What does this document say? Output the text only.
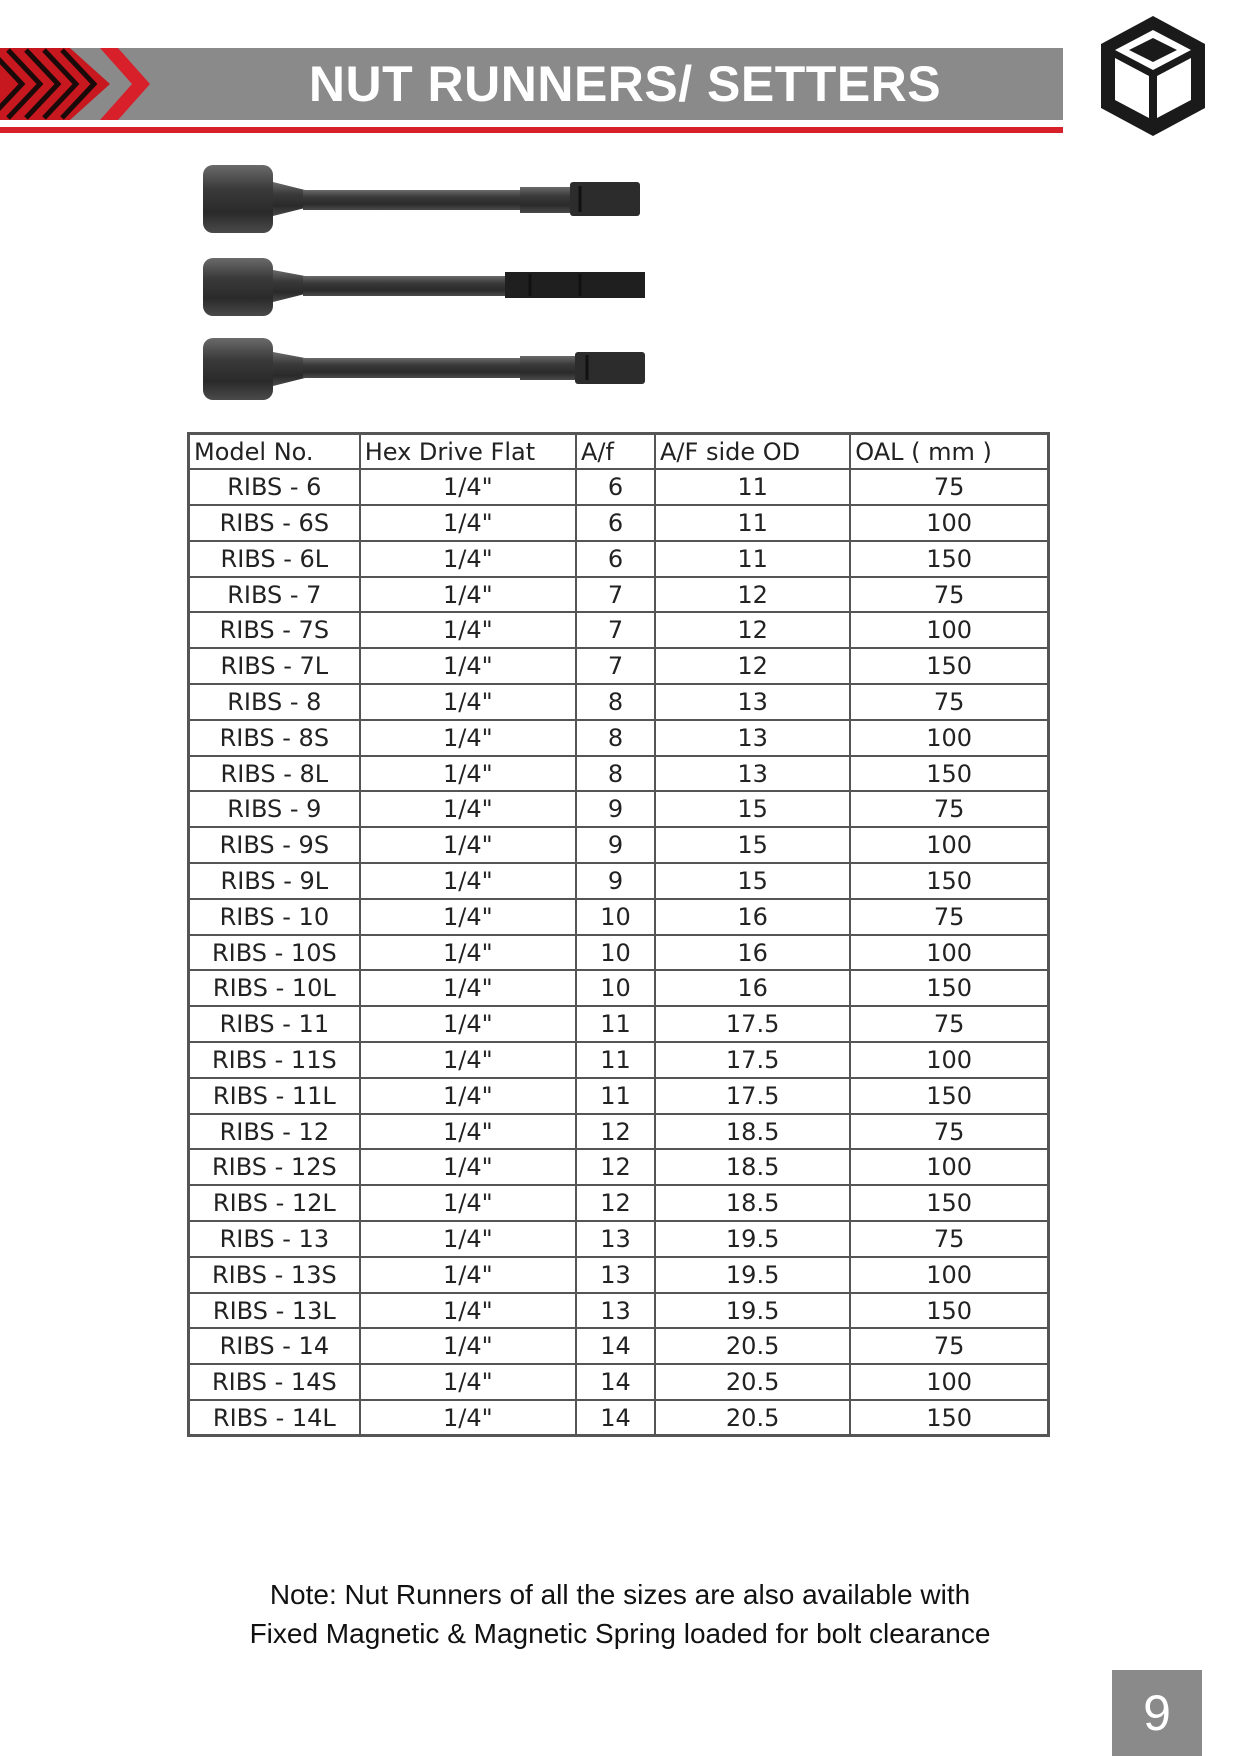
NUT RUNNERS/ SETTERS
Model No.	Hex Drive Flat	A/f	A/F side OD	OAL ( mm )
RIBS - 6	1/4"	6	11	75
RIBS - 6S	1/4"	6	11	100
RIBS - 6L	1/4"	6	11	150
RIBS - 7	1/4"	7	12	75
RIBS - 7S	1/4"	7	12	100
RIBS - 7L	1/4"	7	12	150
RIBS - 8	1/4"	8	13	75
RIBS - 8S	1/4"	8	13	100
RIBS - 8L	1/4"	8	13	150
RIBS - 9	1/4"	9	15	75
RIBS - 9S	1/4"	9	15	100
RIBS - 9L	1/4"	9	15	150
RIBS - 10	1/4"	10	16	75
RIBS - 10S	1/4"	10	16	100
RIBS - 10L	1/4"	10	16	150
RIBS - 11	1/4"	11	17.5	75
RIBS - 11S	1/4"	11	17.5	100
RIBS - 11L	1/4"	11	17.5	150
RIBS - 12	1/4"	12	18.5	75
RIBS - 12S	1/4"	12	18.5	100
RIBS - 12L	1/4"	12	18.5	150
RIBS - 13	1/4"	13	19.5	75
RIBS - 13S	1/4"	13	19.5	100
RIBS - 13L	1/4"	13	19.5	150
RIBS - 14	1/4"	14	20.5	75
RIBS - 14S	1/4"	14	20.5	100
RIBS - 14L	1/4"	14	20.5	150
Note: Nut Runners of all the sizes are also available with
Fixed Magnetic & Magnetic Spring loaded for bolt clearance
9
